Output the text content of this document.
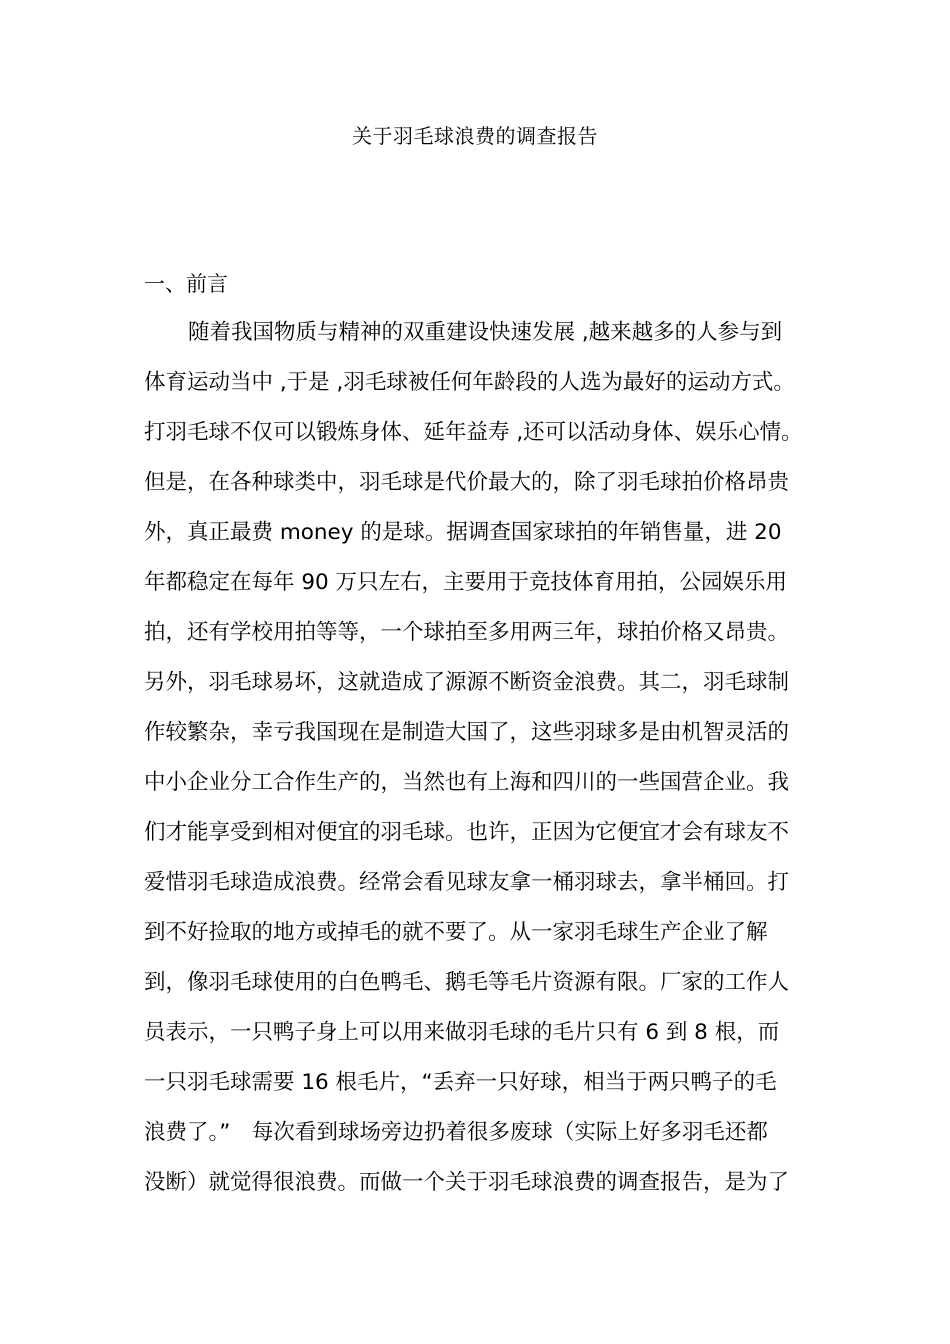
关于羽毛球浪费的调查报告
一、前言
随着我国物质与精神的双重建设快速发展 ,越来越多的人参与到
体育运动当中 ,于是 ,羽毛球被任何年龄段的人选为最好的运动方式。
打羽毛球不仅可以锻炼身体、延年益寿 ,还可以活动身体、娱乐心情。
但是，在各种球类中，羽毛球是代价最大的，除了羽毛球拍价格昂贵
外，真正最费 money 的是球。据调查国家球拍的年销售量，进 20
年都稳定在每年 90 万只左右，主要用于竞技体育用拍，公园娱乐用
拍，还有学校用拍等等，一个球拍至多用两三年，球拍价格又昂贵。
另外，羽毛球易坏，这就造成了源源不断资金浪费。其二，羽毛球制
作较繁杂，幸亏我国现在是制造大国了，这些羽球多是由机智灵活的
中小企业分工合作生产的，当然也有上海和四川的一些国营企业。我
们才能享受到相对便宜的羽毛球。也许，正因为它便宜才会有球友不
爱惜羽毛球造成浪费。经常会看见球友拿一桶羽球去，拿半桶回。打
到不好捡取的地方或掉毛的就不要了。从一家羽毛球生产企业了解
到，像羽毛球使用的白色鸭毛、鹅毛等毛片资源有限。厂家的工作人
员表示，一只鸭子身上可以用来做羽毛球的毛片只有 6 到 8 根，而
一只羽毛球需要 16 根毛片，“丢弃一只好球，相当于两只鸭子的毛
浪费了。”　每次看到球场旁边扔着很多废球（实际上好多羽毛还都
没断）就觉得很浪费。而做一个关于羽毛球浪费的调查报告，是为了
